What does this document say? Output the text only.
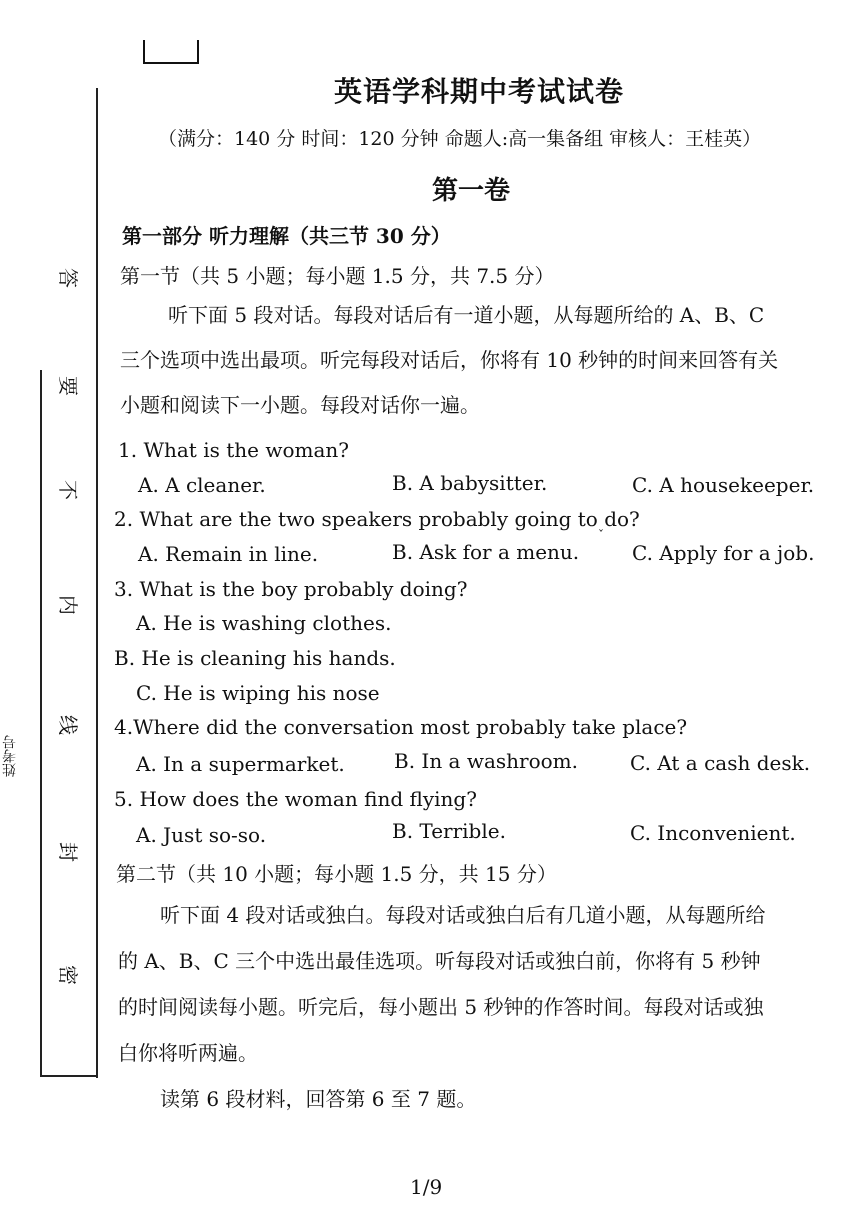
答
要
不
内
线
封
密
姓考号
英语学科期中考试试卷
（满分：140 分 时间：120 分钟 命题人:高一集备组 审核人：王桂英）
第一卷
第一部分 听力理解（共三节 30 分）
第一节（共 5 小题；每小题 1.5 分，共 7.5 分）
听下面 5 段对话。每段对话后有一道小题，从每题所给的 A、B、C
三个选项中选出最项。听完每段对话后，你将有 10 秒钟的时间来回答有关
小题和阅读下一小题。每段对话你一遍。
1. What is the woman?
A. A cleaner.	B. A babysitter.	C. A housekeeper.
2. What are the two speakers probably going to do?
ˇ
A. Remain in line.	B. Ask for a menu.	C. Apply for a job.
3. What is the boy probably doing?
A. He is washing clothes.
B. He is cleaning his hands.
C. He is wiping his nose
4.Where did the conversation most probably take place?
A. In a supermarket. B. In a washroom.	C. At a cash desk.
5. How does the woman find flying?
A. Just so-so.	B. Terrible.	C. Inconvenient.
第二节（共 10 小题；每小题 1.5 分，共 15 分）
听下面 4 段对话或独白。每段对话或独白后有几道小题，从每题所给
的 A、B、C 三个中选出最佳选项。听每段对话或独白前，你将有 5 秒钟
的时间阅读每小题。听完后，每小题出 5 秒钟的作答时间。每段对话或独
白你将听两遍。
读第 6 段材料，回答第 6 至 7 题。
1/9
